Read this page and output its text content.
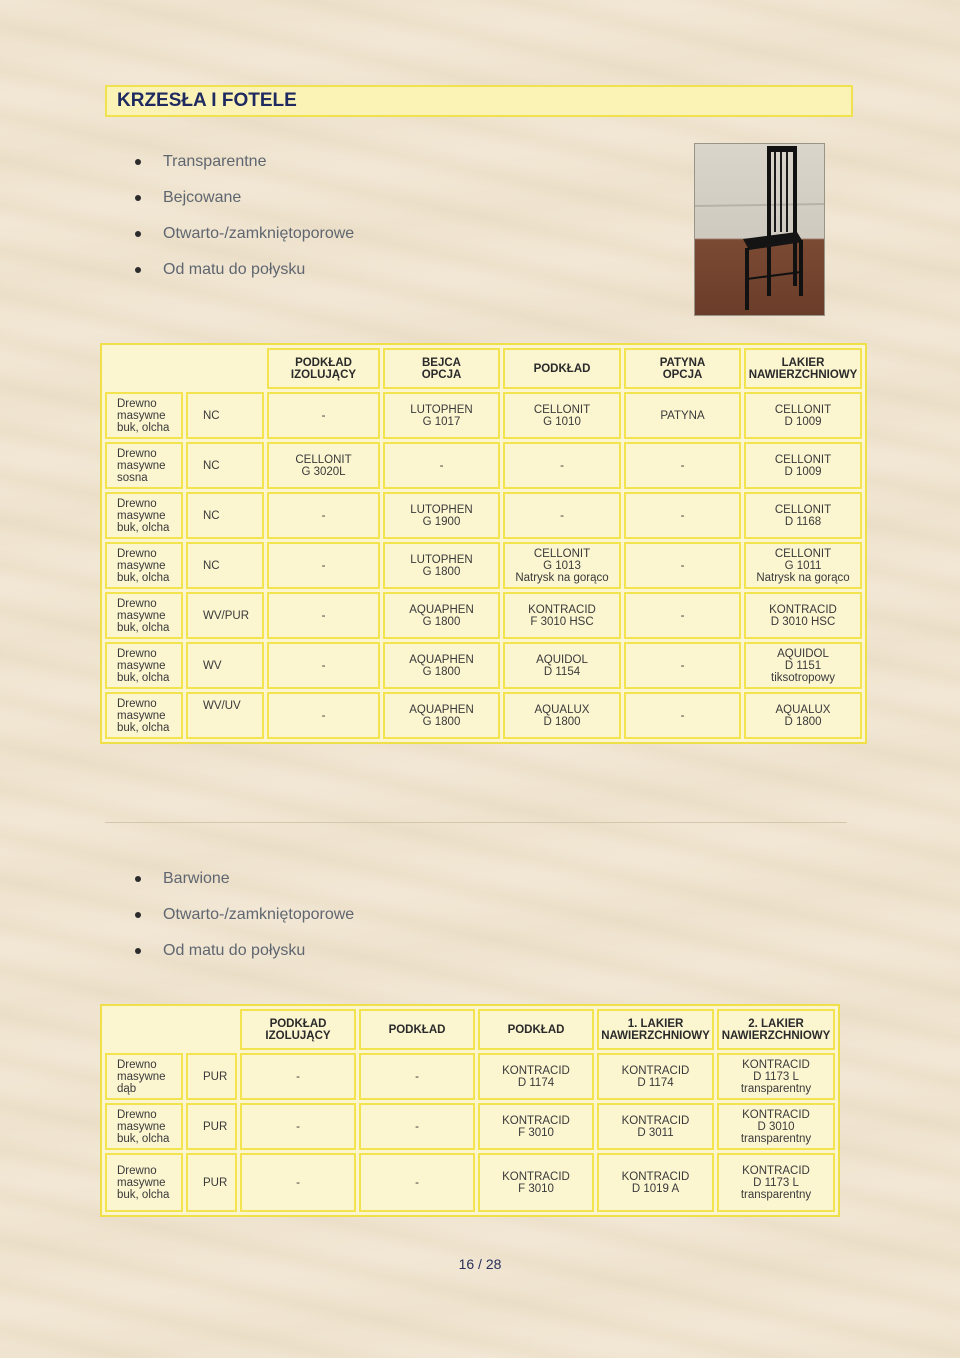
KRZESŁA I FOTELE
Transparentne
Bejcowane
Otwarto-/zamkniętoporowe
Od matu do połysku

		PODKŁAD
IZOLUJĄCY	BEJCA
OPCJA	PODKŁAD	PATYNA
OPCJA	LAKIER
NAWIERZCHNIOWY

Drewno
masywne
buk, olcha	NC	-	LUTOPHEN
G 1017	CELLONIT
G 1010	PATYNA	CELLONIT
D 1009

Drewno
masywne
sosna	NC	CELLONIT
G 3020L	-	-	-	CELLONIT
D 1009

Drewno
masywne
buk, olcha	NC	-	LUTOPHEN
G 1900	-	-	CELLONIT
D 1168

Drewno
masywne
buk, olcha	NC	-	LUTOPHEN
G 1800	CELLONIT
G 1013
Natrysk na gorąco	-	CELLONIT
G 1011
Natrysk na gorąco

Drewno
masywne
buk, olcha	WV/PUR	-	AQUAPHEN
G 1800	KONTRACID
F 3010 HSC	-	KONTRACID
D 3010 HSC

Drewno
masywne
buk, olcha	WV	-	AQUAPHEN
G 1800	AQUIDOL
D 1154	-	AQUIDOL
D 1151
tiksotropowy

Drewno
masywne
buk, olcha	WV/UV	-	AQUAPHEN
G 1800	AQUALUX
D 1800	-	AQUALUX
D 1800
Barwione
Otwarto-/zamkniętoporowe
Od matu do połysku

		PODKŁAD
IZOLUJĄCY	PODKŁAD	PODKŁAD	1. LAKIER
NAWIERZCHNIOWY	2. LAKIER
NAWIERZCHNIOWY

Drewno
masywne
dąb	PUR	-	-	KONTRACID
D 1174	KONTRACID
D 1174	KONTRACID
D 1173 L
transparentny

Drewno
masywne
buk, olcha	PUR	-	-	KONTRACID
F 3010	KONTRACID
D 3011	KONTRACID
D 3010
transparentny

Drewno
masywne
buk, olcha	PUR	-	-	KONTRACID
F 3010	KONTRACID
D 1019 A	KONTRACID
D 1173 L
transparentny
16 / 28
